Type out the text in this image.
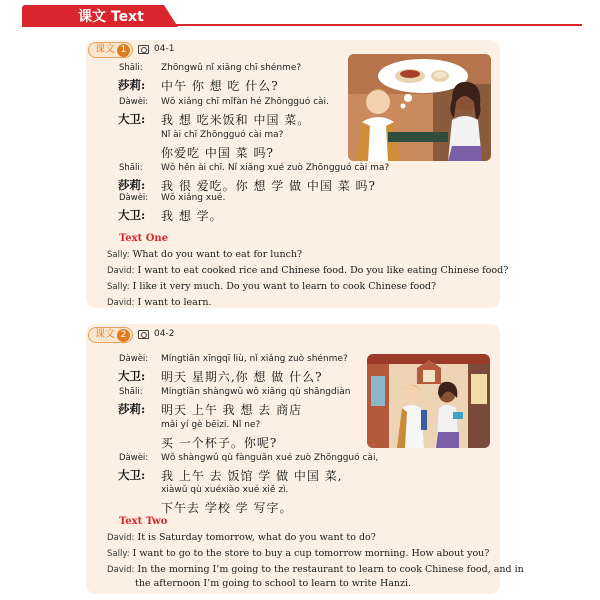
课文 Text
课文 1	04-1
Shāli: Zhōngwǔ nǐ xiǎng chī shénme?
莎莉: 中午 你 想 吃 什么?
Dàwèi: Wǒ xiǎng chī mǐfàn hé Zhōngguó cài.
大卫: 我 想 吃米饭和 中国 菜。
Nǐ ài chī Zhōngguó cài ma?
你爱吃 中国 菜 吗?
Shāli: Wǒ hěn ài chī. Nǐ xiǎng xué zuò Zhōngguó cài ma?
莎莉: 我 很 爱吃。你 想 学 做 中国 菜 吗?
Dàwèi: Wǒ xiǎng xué.
大卫: 我 想 学。
Text One
Sally: What do you want to eat for lunch?
David: I want to eat cooked rice and Chinese food. Do you like eating Chinese food?
Sally: I like it very much. Do you want to learn to cook Chinese food?
David: I want to learn.
课文 2	04-2
Dàwèi: Míngtiān xīngqī liù, nǐ xiǎng zuò shénme?
大卫: 明天 星期六,你 想 做 什么?
Shāli: Míngtiān shàngwǔ wǒ xiǎng qù shāngdiàn
莎莉: 明天 上午 我 想 去 商店
mǎi yí gè bēizi. Nǐ ne?
买 一个杯子。你呢?
Dàwèi: Wǒ shàngwǔ qù fànguǎn xué zuò Zhōngguó cài,
大卫: 我 上午 去 饭馆 学 做 中国 菜,
xiàwǔ qù xuéxiào xué xiě zì.
下午去 学校 学 写字。
Text Two
David: It is Saturday tomorrow, what do you want to do?
Sally: I want to go to the store to buy a cup tomorrow morning. How about you?
David: In the morning I’m going to the restaurant to learn to cook Chinese food, and in
the afternoon I’m going to school to learn to write Hanzi.
